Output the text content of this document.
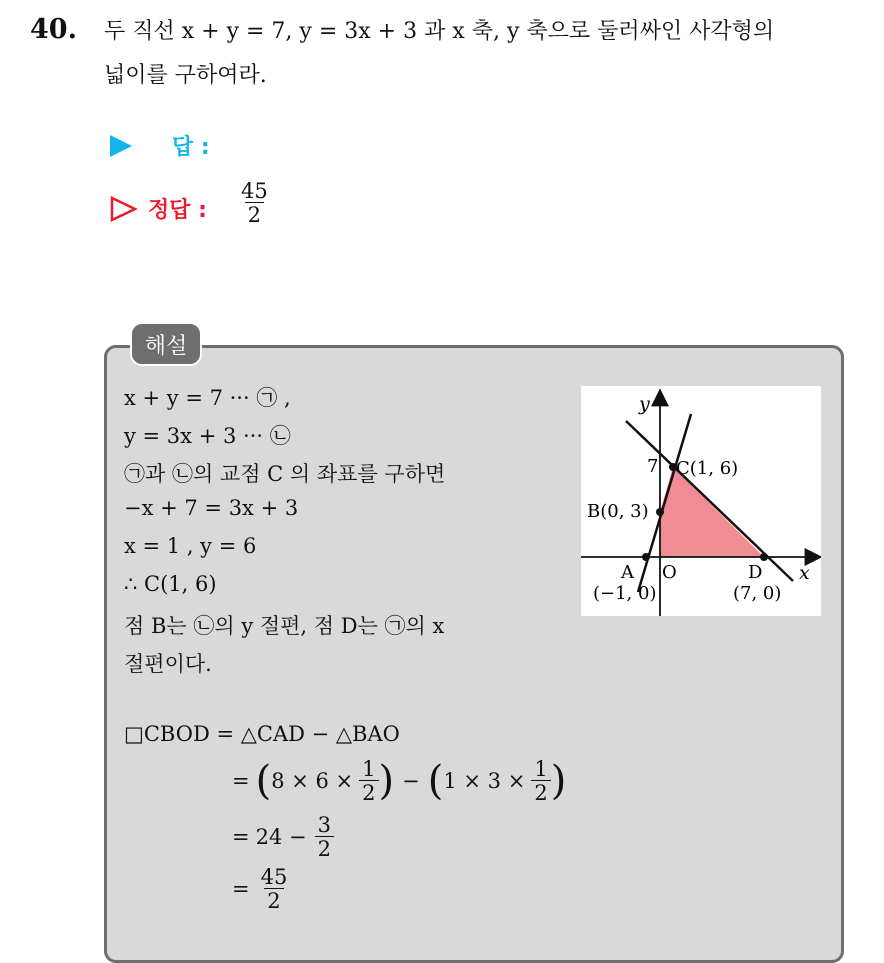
40. 두 직선 x + y = 7, y = 3x + 3 과 x 축, y 축으로 둘러싸인 사각형의
넓이를 구하여라.
답 :
정답 : $\frac{45}{2}$
해설
x + y = 7 ··· ㉠ ,
y = 3x + 3 ··· ㉡
㉠과 ㉡의 교점 C 의 좌표를 구하면
−x + 7 = 3x + 3
x = 1 , y = 6
∴ C(1, 6)
점 B는 ㉡의 y 절편, 점 D는 ㉠의 x
절편이다.
□CBOD = △CAD − △BAO
= ( $8 \times 6 \times \frac{1}{2}$ ) − ( $1 \times 3 \times \frac{1}{2}$ )
= $24 - \frac{3}{2}$
= $\frac{45}{2}$
y
x
O
7 C(1, 6)
B(0, 3)
A
(−1, 0)
D
(7, 0)
